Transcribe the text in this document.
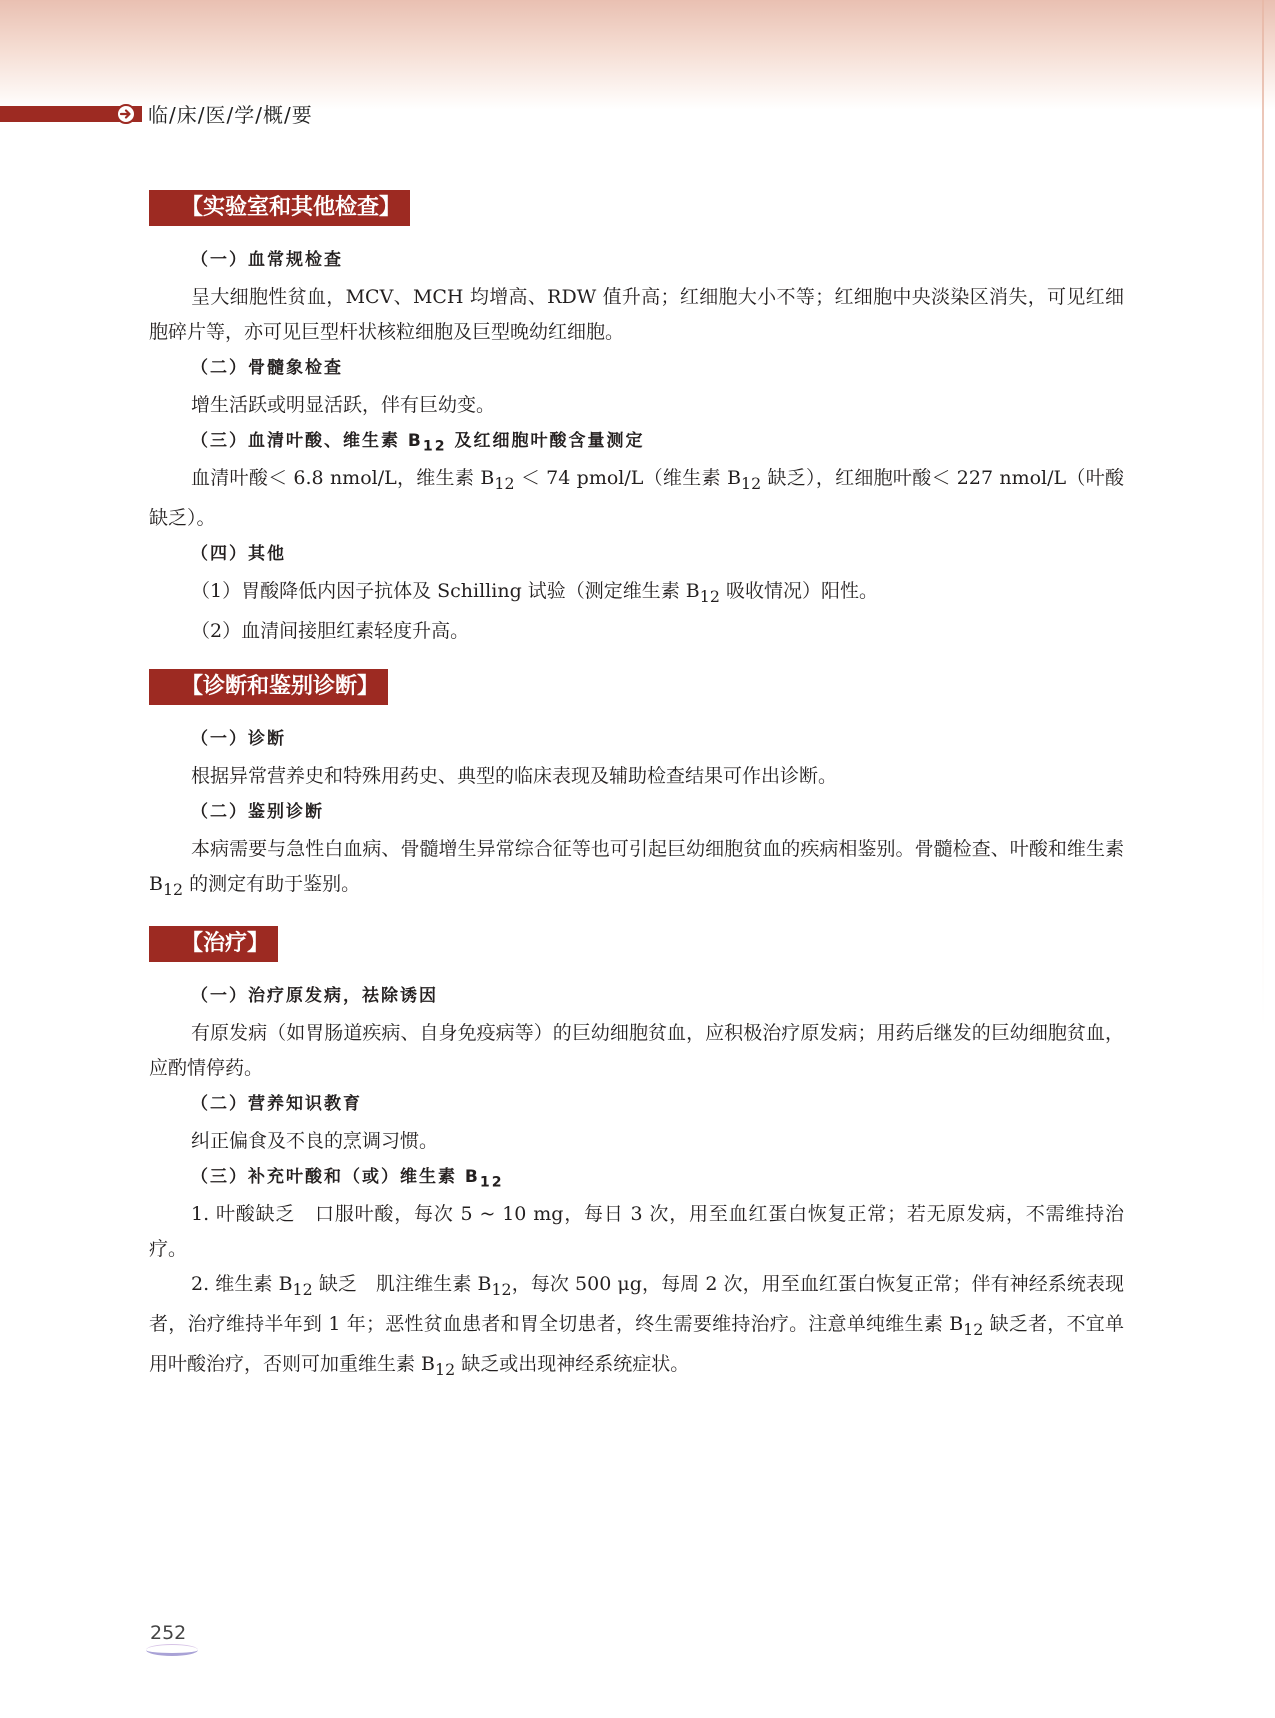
临/床/医/学/概/要
【实验室和其他检查】
（一）血常规检查

呈大细胞性贫血，MCV、MCH 均增高、RDW 值升高；红细胞大小不等；红细胞中央淡染区消失，可见红细胞碎片等，亦可见巨型杆状核粒细胞及巨型晚幼红细胞。

（二）骨髓象检查

增生活跃或明显活跃，伴有巨幼变。

（三）血清叶酸、维生素 $B_{12}$ 及红细胞叶酸含量测定

血清叶酸＜ 6.8 nmol/L，维生素 $B_{12} < 74$ pmol/L（维生素 $B_{12}$ 缺乏），红细胞叶酸＜ 227 nmol/L（叶酸缺乏）。

（四）其他

（1）胃酸降低内因子抗体及 Schilling 试验（测定维生素 $B_{12}$ 吸收情况）阳性。

（2）血清间接胆红素轻度升高。

【诊断和鉴别诊断】
（一）诊断

根据异常营养史和特殊用药史、典型的临床表现及辅助检查结果可作出诊断。

（二）鉴别诊断

本病需要与急性白血病、骨髓增生异常综合征等也可引起巨幼细胞贫血的疾病相鉴别。骨髓检查、叶酸和维生素 $B_{12}$ 的测定有助于鉴别。

【治疗】
（一）治疗原发病，祛除诱因

有原发病（如胃肠道疾病、自身免疫病等）的巨幼细胞贫血，应积极治疗原发病；用药后继发的巨幼细胞贫血，应酌情停药。

（二）营养知识教育

纠正偏食及不良的烹调习惯。

（三）补充叶酸和（或）维生素 $B_{12}$

1. 叶酸缺乏　口服叶酸，每次 5 ~ 10 mg，每日 3 次，用至血红蛋白恢复正常；若无原发病，不需维持治疗。

2. 维生素 $B_{12}$ 缺乏　肌注维生素 $B_{12}$，每次 500 μg，每周 2 次，用至血红蛋白恢复正常；伴有神经系统表现者，治疗维持半年到 1 年；恶性贫血患者和胃全切患者，终生需要维持治疗。注意单纯维生素 $B_{12}$ 缺乏者，不宜单用叶酸治疗，否则可加重维生素 $B_{12}$ 缺乏或出现神经系统症状。

252
